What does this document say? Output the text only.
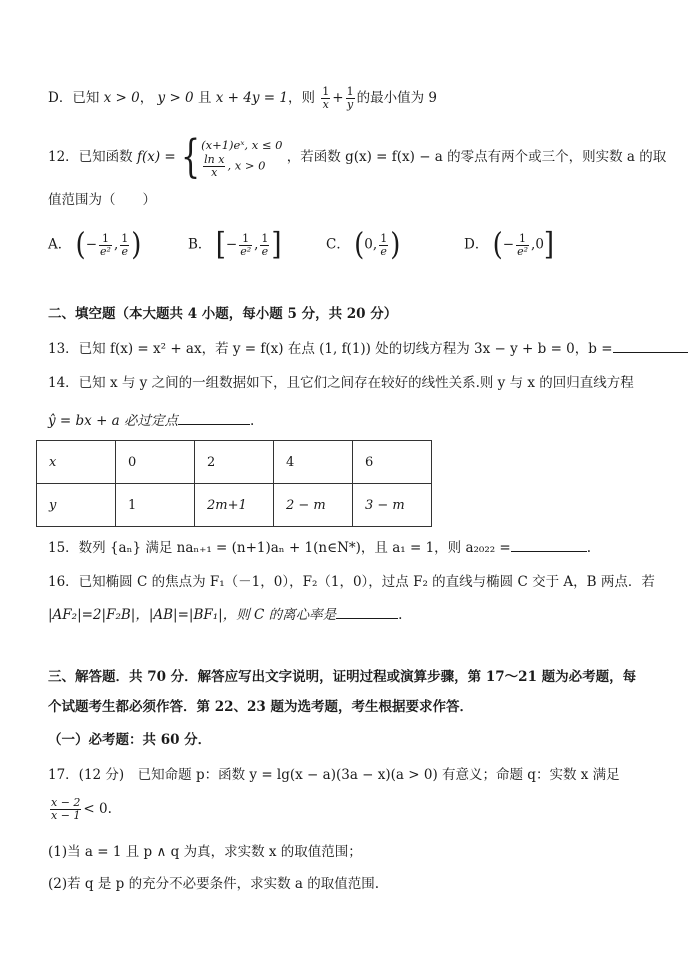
D．已知 x > 0， y > 0 且 x + 4y = 1，则 $\frac{1}{x} + \frac{1}{y}$ 的最小值为 9
12．已知函数 f(x) = { (x+1)eˣ, x ≤ 0
$\frac{\text{ln x}}{x}$ , x > 0
，若函数 g(x) = f(x) − a 的零点有两个或三个，则实数 a 的取
值范围为（　　）
A． (− $\frac{1}{\text{e²}}$ , $\frac{1}{e}$ )	B． [− $\frac{1}{\text{e²}}$ , $\frac{1}{e}$ ]	C． (0, $\frac{1}{e}$ )	D． (− $\frac{1}{\text{e²}} ,0$]
二、填空题（本大题共 4 小题，每小题 5 分，共 20 分）
13．已知 f(x) = x² + ax，若 y = f(x) 在点 (1, f(1)) 处的切线方程为 3x − y + b = 0，b =
14．已知 x 与 y 之间的一组数据如下，且它们之间存在较好的线性关系.则 y 与 x 的回归直线方程
ŷ = bx + a 必过定点	.
x	0	2	4	6
y	1	2m+1	2 − m	3 − m
15．数列 {aₙ} 满足 naₙ₊₁ = (n+1)aₙ + 1(n∈N*)，且 a₁ = 1，则 a₂₀₂₂ =	.
16．已知椭圆 C 的焦点为 F₁（－1，0），F₂（1，0），过点 F₂ 的直线与椭圆 C 交于 A，B 两点．若
|AF₂|=2|F₂B|，|AB|=|BF₁|，则 C 的离心率是	.
三、解答题．共 70 分．解答应写出文字说明，证明过程或演算步骤，第 17～21 题为必考题，每
个试题考生都必须作答．第 22、23 题为选考题，考生根据要求作答．
（一）必考题：共 60 分．
17．(12 分)　已知命题 p：函数 y = lg(x − a)(3a − x)(a > 0) 有意义；命题 q：实数 x 满足
$\frac{x - 2}{x - 1} < 0$.
(1)当 a = 1 且 p ∧ q 为真，求实数 x 的取值范围；
(2)若 q 是 p 的充分不必要条件，求实数 a 的取值范围.
